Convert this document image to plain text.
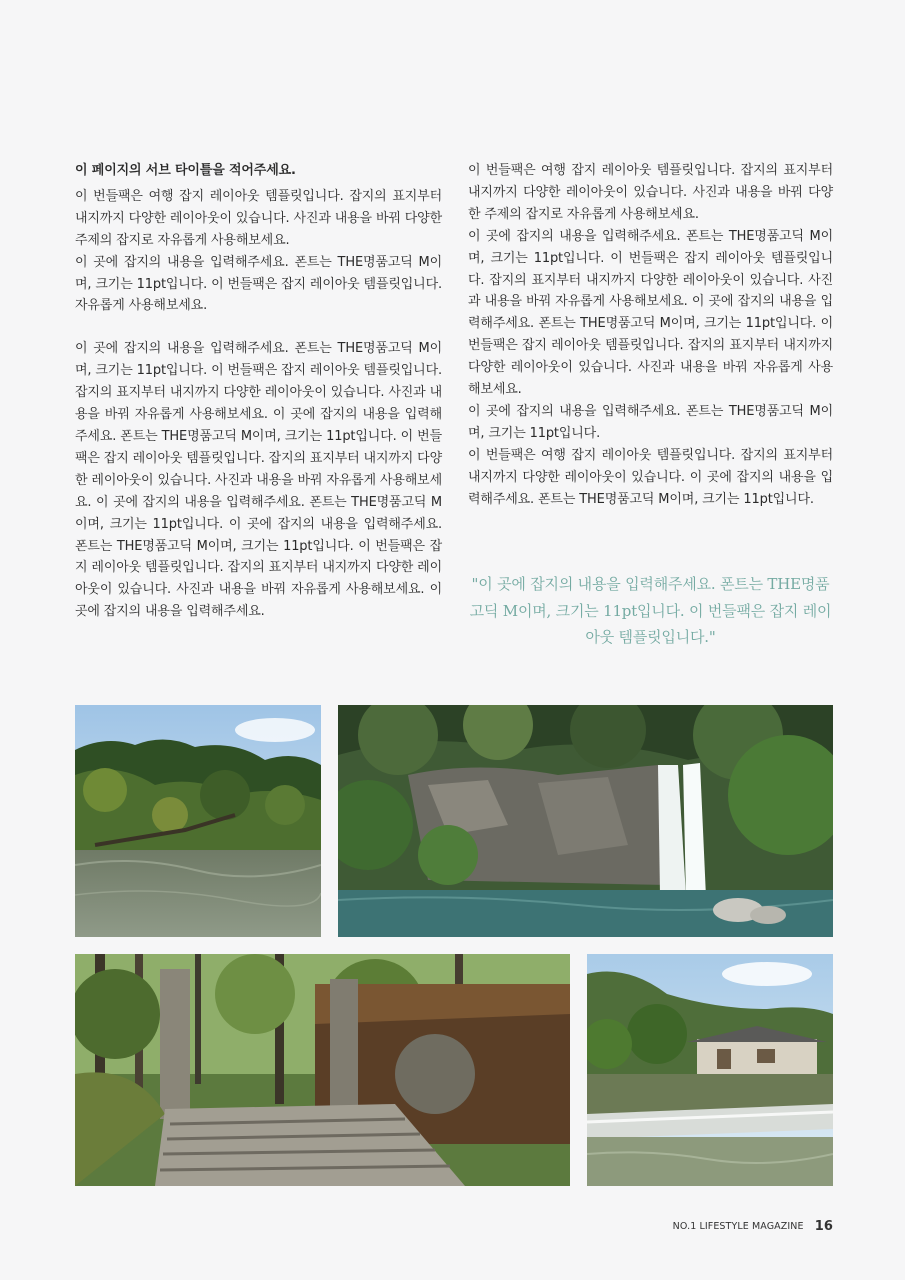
이 페이지의 서브 타이틀을 적어주세요.

이 번들팩은 여행 잡지 레이아웃 템플릿입니다. 잡지의 표지부터 내지까지 다양한 레이아웃이 있습니다. 사진과 내용을 바꿔 다양한 주제의 잡지로 자유롭게 사용해보세요.

이 곳에 잡지의 내용을 입력해주세요. 폰트는 THE명품고딕 M이며, 크기는 11pt입니다. 이 번들팩은 잡지 레이아웃 템플릿입니다. 자유롭게 사용해보세요.

이 곳에 잡지의 내용을 입력해주세요. 폰트는 THE명품고딕 M이며, 크기는 11pt입니다. 이 번들팩은 잡지 레이아웃 템플릿입니다. 잡지의 표지부터 내지까지 다양한 레이아웃이 있습니다. 사진과 내용을 바꿔 자유롭게 사용해보세요. 이 곳에 잡지의 내용을 입력해주세요. 폰트는 THE명품고딕 M이며, 크기는 11pt입니다. 이 번들팩은 잡지 레이아웃 템플릿입니다. 잡지의 표지부터 내지까지 다양한 레이아웃이 있습니다. 사진과 내용을 바꿔 자유롭게 사용해보세요. 이 곳에 잡지의 내용을 입력해주세요. 폰트는 THE명품고딕 M이며, 크기는 11pt입니다. 이 곳에 잡지의 내용을 입력해주세요. 폰트는 THE명품고딕 M이며, 크기는 11pt입니다. 이 번들팩은 잡지 레이아웃 템플릿입니다. 잡지의 표지부터 내지까지 다양한 레이아웃이 있습니다. 사진과 내용을 바꿔 자유롭게 사용해보세요. 이 곳에 잡지의 내용을 입력해주세요.

이 번들팩은 여행 잡지 레이아웃 템플릿입니다. 잡지의 표지부터 내지까지 다양한 레이아웃이 있습니다. 사진과 내용을 바꿔 다양한 주제의 잡지로 자유롭게 사용해보세요.

이 곳에 잡지의 내용을 입력해주세요. 폰트는 THE명품고딕 M이며, 크기는 11pt입니다. 이 번들팩은 잡지 레이아웃 템플릿입니다. 잡지의 표지부터 내지까지 다양한 레이아웃이 있습니다. 사진과 내용을 바꿔 자유롭게 사용해보세요. 이 곳에 잡지의 내용을 입력해주세요. 폰트는 THE명품고딕 M이며, 크기는 11pt입니다. 이 번들팩은 잡지 레이아웃 템플릿입니다. 잡지의 표지부터 내지까지 다양한 레이아웃이 있습니다. 사진과 내용을 바꿔 자유롭게 사용해보세요.

이 곳에 잡지의 내용을 입력해주세요. 폰트는 THE명품고딕 M이며, 크기는 11pt입니다.

이 번들팩은 여행 잡지 레이아웃 템플릿입니다. 잡지의 표지부터 내지까지 다양한 레이아웃이 있습니다. 이 곳에 잡지의 내용을 입력해주세요. 폰트는 THE명품고딕 M이며, 크기는 11pt입니다.

"이 곳에 잡지의 내용을 입력해주세요. 폰트는 THE명품고딕 M이며, 크기는 11pt입니다. 이 번들팩은 잡지 레이아웃 템플릿입니다."
NO.1 LIFESTYLE MAGAZINE 16
